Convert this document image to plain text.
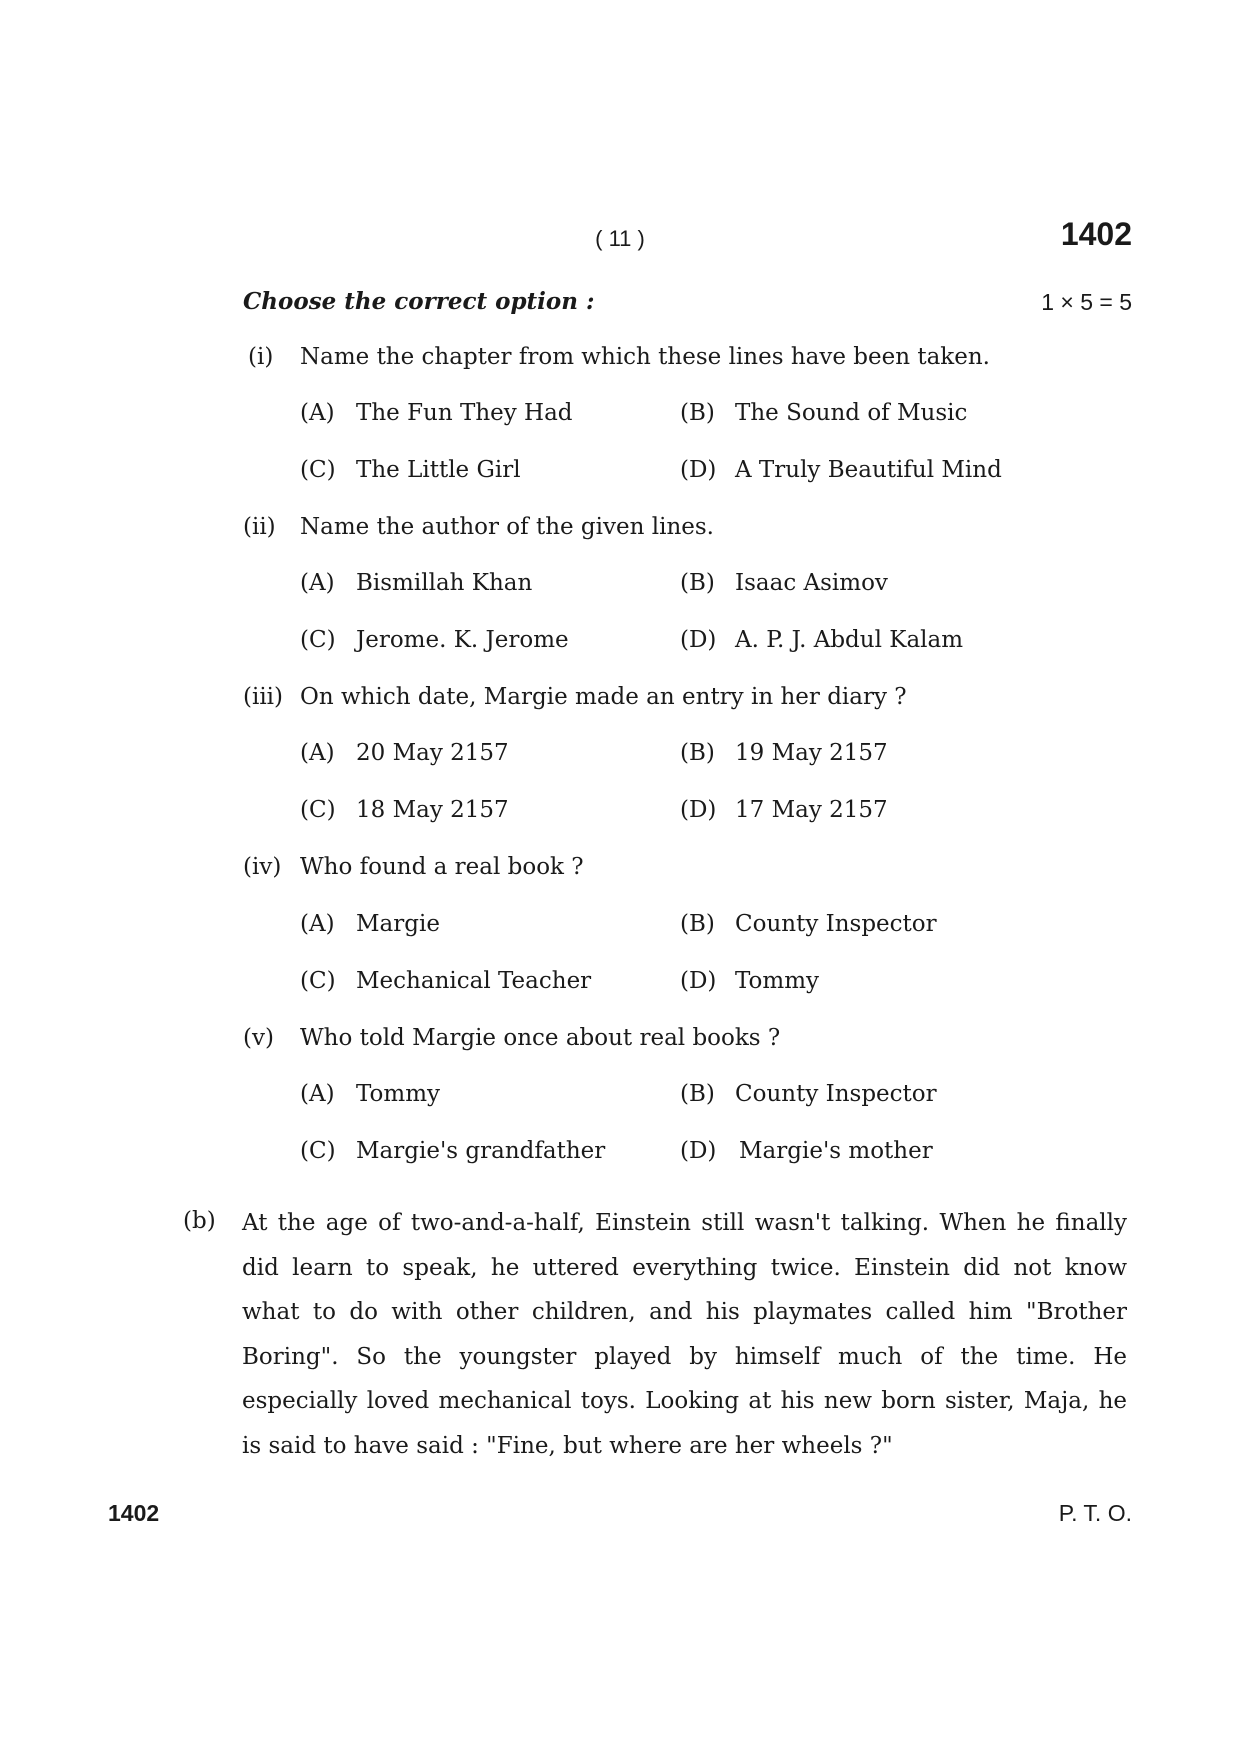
( 11 )	1402
Choose the correct option :	1 × 5 = 5
(i) Name the chapter from which these lines have been taken.
(A) The Fun They Had	(B) The Sound of Music
(C) The Little Girl	(D) A Truly Beautiful Mind
(ii) Name the author of the given lines.
(A) Bismillah Khan	(B) Isaac Asimov
(C) Jerome. K. Jerome	(D) A. P. J. Abdul Kalam
(iii) On which date, Margie made an entry in her diary ?
(A) 20 May 2157	(B) 19 May 2157
(C) 18 May 2157	(D) 17 May 2157
(iv) Who found a real book ?
(A) Margie	(B) County Inspector
(C) Mechanical Teacher	(D) Tommy
(v) Who told Margie once about real books ?
(A) Tommy	(B) County Inspector
(C) Margie's grandfather	(D) Margie's mother
(b) At the age of two-and-a-half, Einstein still wasn't talking. When he finally
did learn to speak, he uttered everything twice. Einstein did not know
what to do with other children, and his playmates called him "Brother
Boring". So the youngster played by himself much of the time. He
especially loved mechanical toys. Looking at his new born sister, Maja, he
is said to have said : "Fine, but where are her wheels ?"
1402	P. T. O.
